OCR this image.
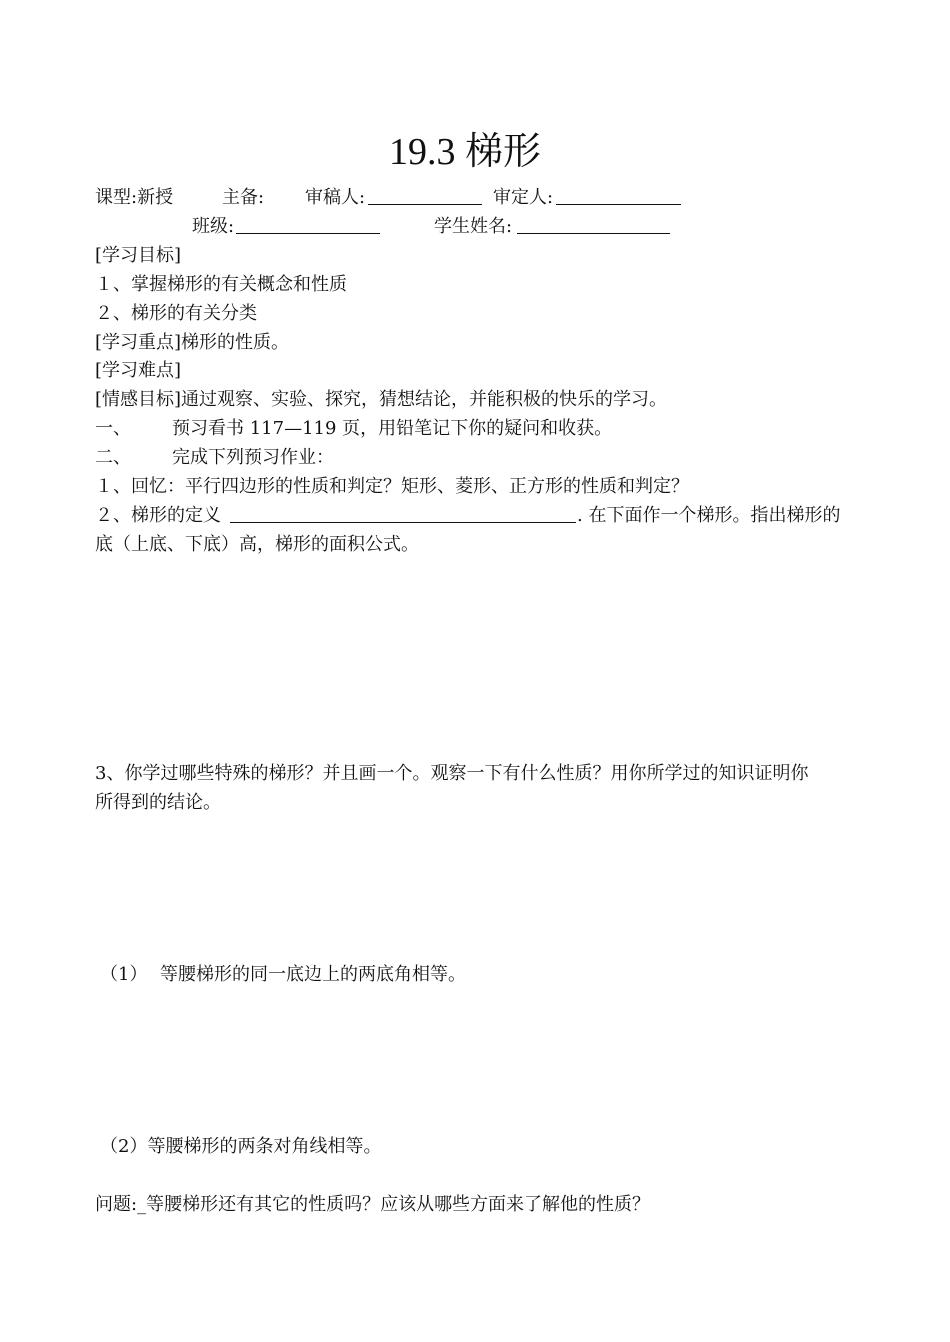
19.3 梯形
课型:新授	主备: 审稿人:	审定人:
班级:	学生姓名:
[学习目标]
１、掌握梯形的有关概念和性质
２、梯形的有关分类
[学习重点]梯形的性质。
[学习难点]
[情感目标]通过观察、实验、探究，猜想结论，并能积极的快乐的学习。
一、 预习看书 117—119 页，用铅笔记下你的疑问和收获。
二、 完成下列预习作业：
１、回忆：平行四边形的性质和判定？矩形、菱形、正方形的性质和判定？
２、梯形的定义	. 在下面作一个梯形。指出梯形的
底（上底、下底）高，梯形的面积公式。
3、你学过哪些特殊的梯形？并且画一个。观察一下有什么性质？用你所学过的知识证明你
所得到的结论。
（1） 等腰梯形的同一底边上的两底角相等。
（2）等腰梯形的两条对角线相等。
问题:_等腰梯形还有其它的性质吗？应该从哪些方面来了解他的性质？
